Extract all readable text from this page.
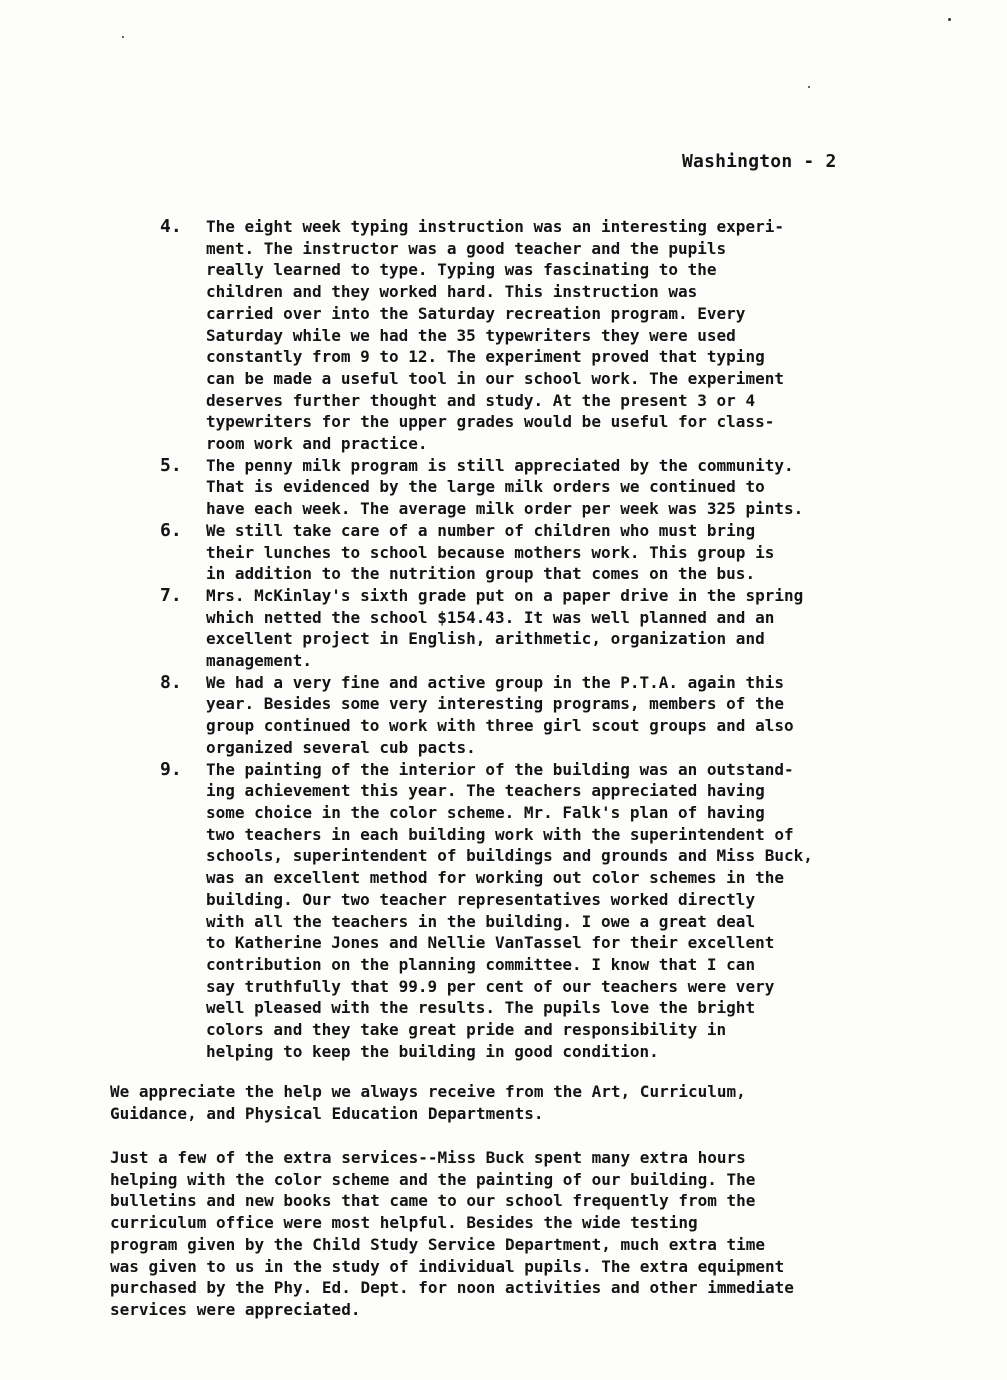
Washington - 2
4.	The eight week typing instruction was an interesting experi-
ment. The instructor was a good teacher and the pupils
really learned to type. Typing was fascinating to the
children and they worked hard. This instruction was
carried over into the Saturday recreation program. Every
Saturday while we had the 35 typewriters they were used
constantly from 9 to 12. The experiment proved that typing
can be made a useful tool in our school work. The experiment
deserves further thought and study. At the present 3 or 4
typewriters for the upper grades would be useful for class-
room work and practice.
5.	The penny milk program is still appreciated by the community.
That is evidenced by the large milk orders we continued to
have each week. The average milk order per week was 325 pints.
6.	We still take care of a number of children who must bring
their lunches to school because mothers work. This group is
in addition to the nutrition group that comes on the bus.
7.	Mrs. McKinlay's sixth grade put on a paper drive in the spring
which netted the school $154.43. It was well planned and an
excellent project in English, arithmetic, organization and
management.
8.	We had a very fine and active group in the P.T.A. again this
year. Besides some very interesting programs, members of the
group continued to work with three girl scout groups and also
organized several cub pacts.
9.	The painting of the interior of the building was an outstand-
ing achievement this year. The teachers appreciated having
some choice in the color scheme. Mr. Falk's plan of having
two teachers in each building work with the superintendent of
schools, superintendent of buildings and grounds and Miss Buck,
was an excellent method for working out color schemes in the
building. Our two teacher representatives worked directly
with all the teachers in the building. I owe a great deal
to Katherine Jones and Nellie VanTassel for their excellent
contribution on the planning committee. I know that I can
say truthfully that 99.9 per cent of our teachers were very
well pleased with the results. The pupils love the bright
colors and they take great pride and responsibility in
helping to keep the building in good condition.
We appreciate the help we always receive from the Art, Curriculum,
Guidance, and Physical Education Departments.
Just a few of the extra services--Miss Buck spent many extra hours
helping with the color scheme and the painting of our building. The
bulletins and new books that came to our school frequently from the
curriculum office were most helpful. Besides the wide testing
program given by the Child Study Service Department, much extra time
was given to us in the study of individual pupils. The extra equipment
purchased by the Phy. Ed. Dept. for noon activities and other immediate
services were appreciated.
